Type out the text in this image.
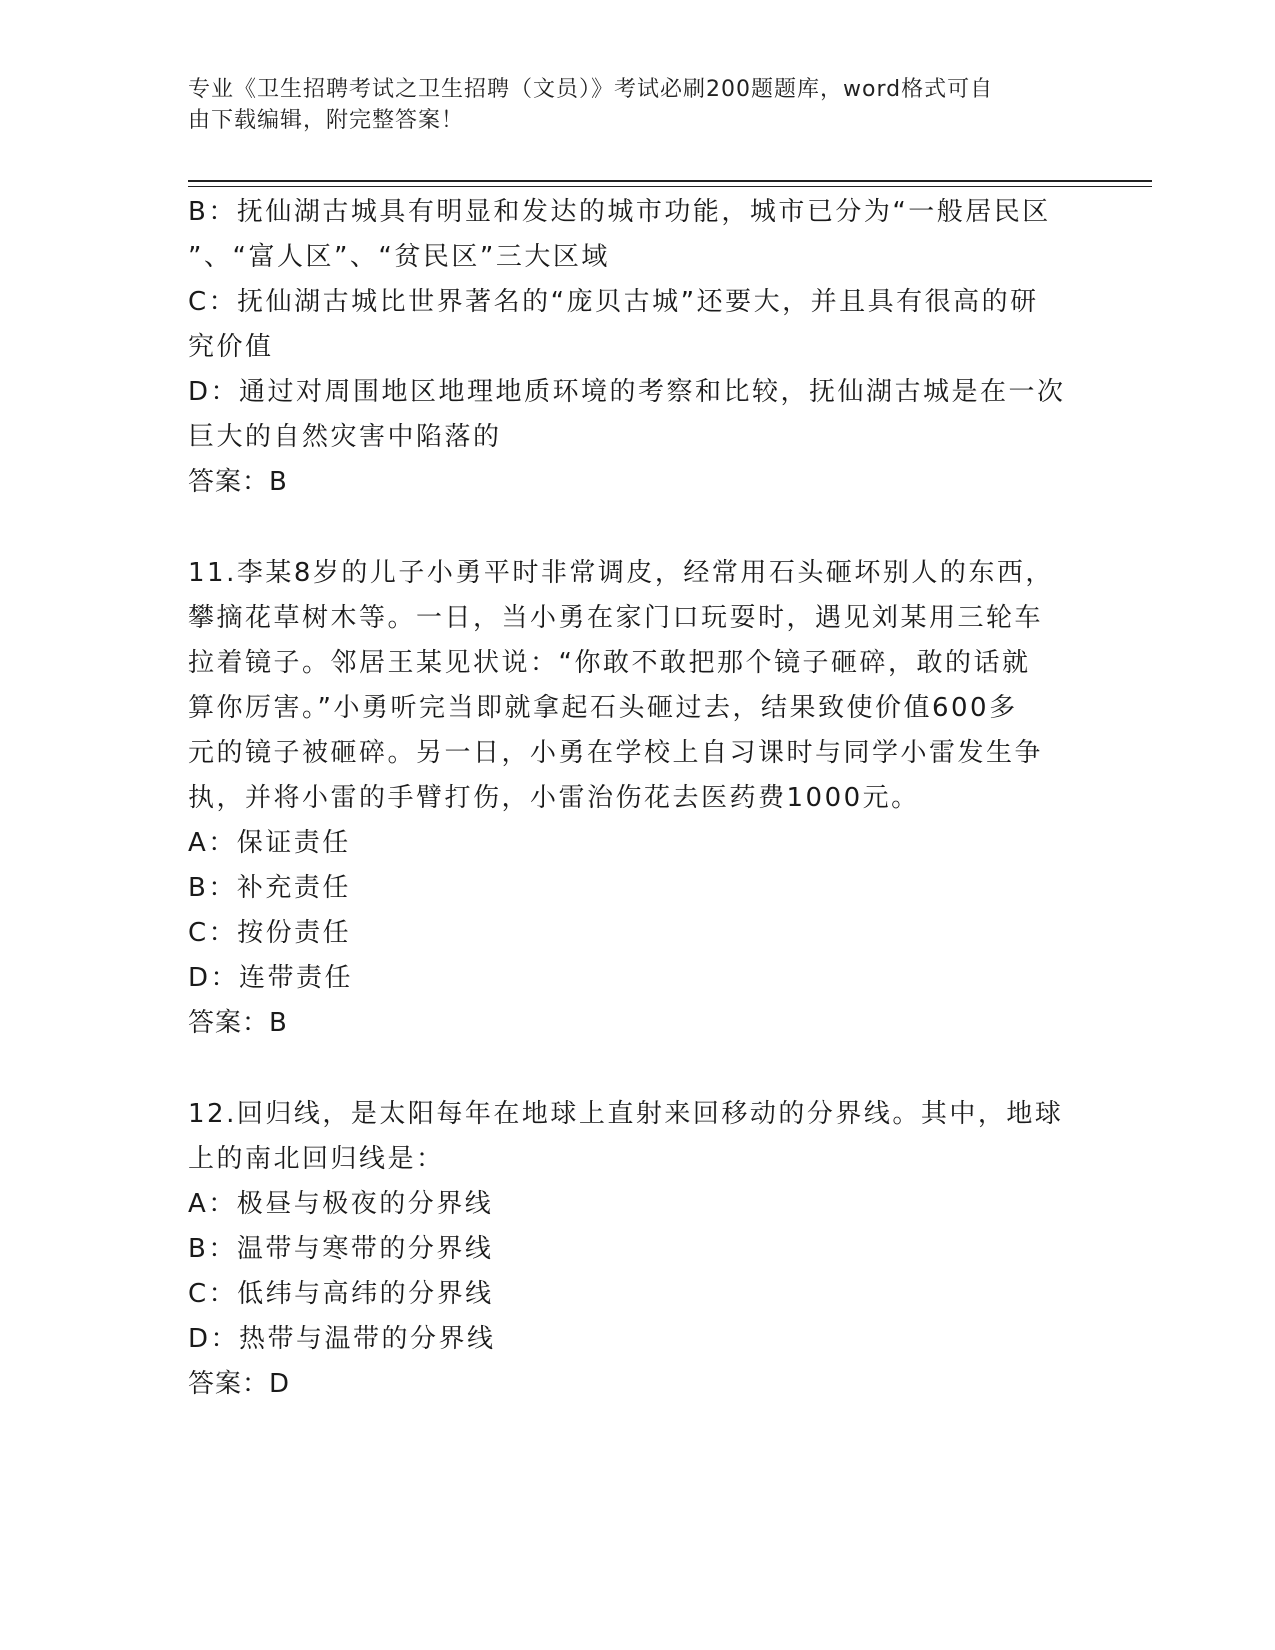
专业《卫生招聘考试之卫生招聘（文员）》考试必刷200题题库，word格式可自
由下载编辑，附完整答案！
B：抚仙湖古城具有明显和发达的城市功能，城市已分为“一般居民区
”、“富人区”、“贫民区”三大区域
C：抚仙湖古城比世界著名的“庞贝古城”还要大，并且具有很高的研
究价值
D：通过对周围地区地理地质环境的考察和比较，抚仙湖古城是在一次
巨大的自然灾害中陷落的
答案：B
11.李某8岁的儿子小勇平时非常调皮，经常用石头砸坏别人的东西，
攀摘花草树木等。一日，当小勇在家门口玩耍时，遇见刘某用三轮车
拉着镜子。邻居王某见状说：“你敢不敢把那个镜子砸碎，敢的话就
算你厉害。”小勇听完当即就拿起石头砸过去，结果致使价值600多
元的镜子被砸碎。另一日，小勇在学校上自习课时与同学小雷发生争
执，并将小雷的手臂打伤，小雷治伤花去医药费1000元。
A：保证责任
B：补充责任
C：按份责任
D：连带责任
答案：B
12.回归线，是太阳每年在地球上直射来回移动的分界线。其中，地球
上的南北回归线是：
A：极昼与极夜的分界线
B：温带与寒带的分界线
C：低纬与高纬的分界线
D：热带与温带的分界线
答案：D
